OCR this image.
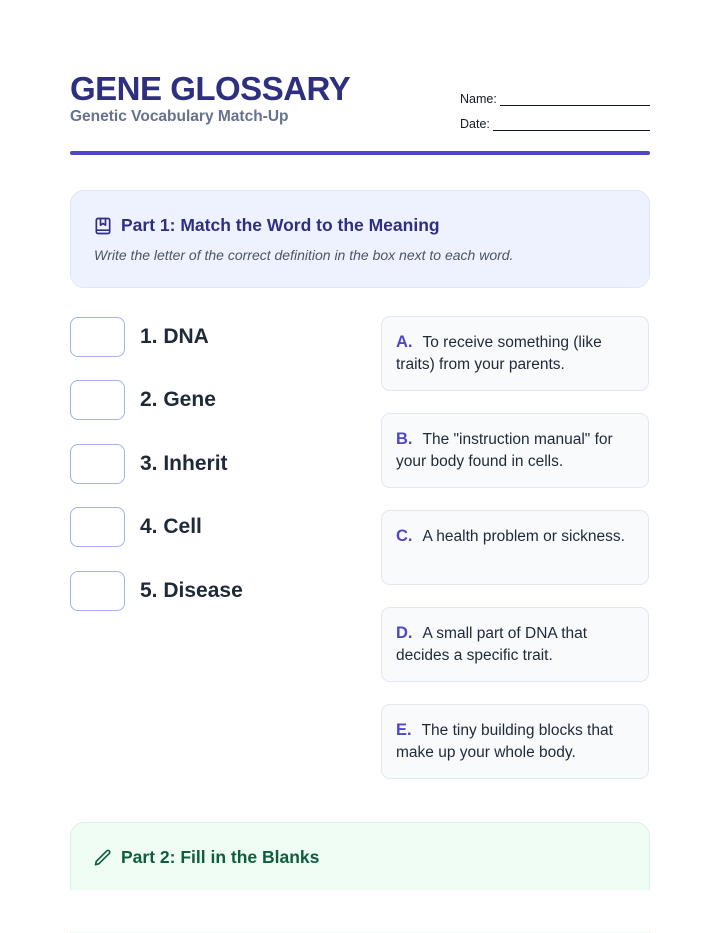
GENE GLOSSARY
Genetic Vocabulary Match-Up
Name:
Date:
Part 1: Match the Word to the Meaning
Write the letter of the correct definition in the box next to each word.
1. DNA
2. Gene
3. Inherit
4. Cell
5. Disease
A. To receive something (like traits) from your parents.
B. The "instruction manual" for your body found in cells.
C. A health problem or sickness.
D. A small part of DNA that decides a specific trait.
E. The tiny building blocks that make up your whole body.
Part 2: Fill in the Blanks
